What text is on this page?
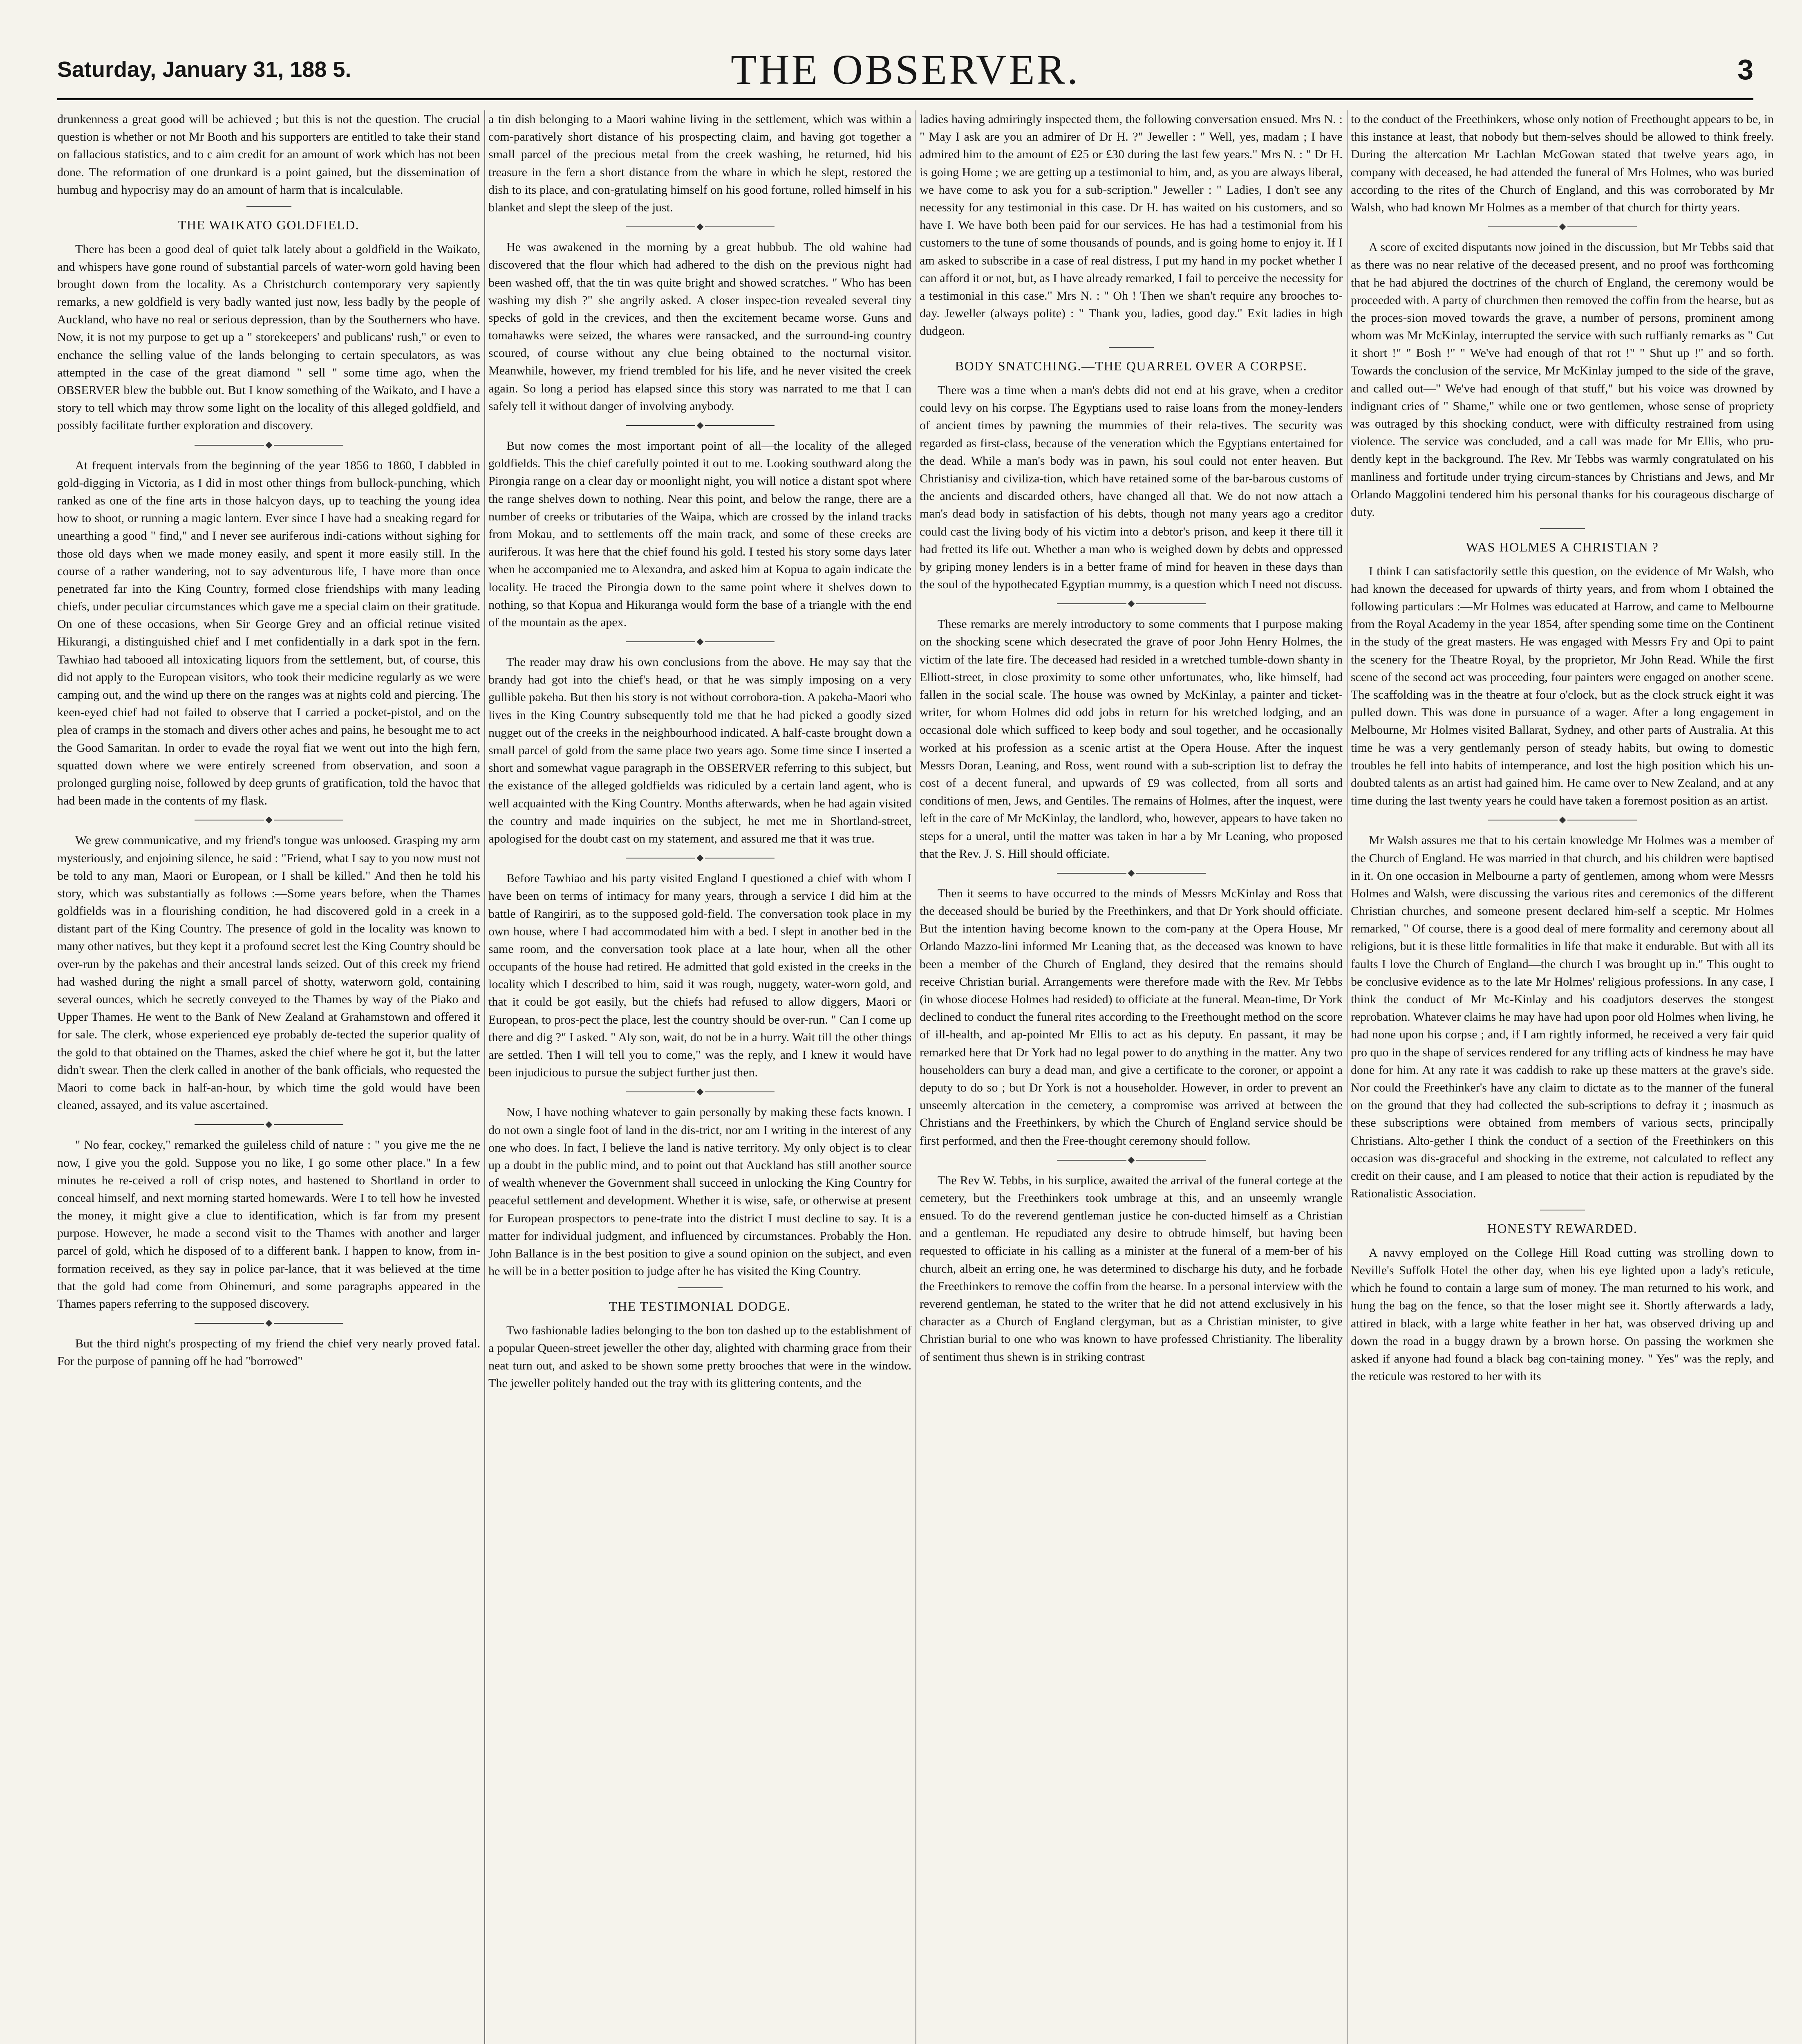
Saturday, January 31, 188 5.	THE OBSERVER.	3

drunkenness a great good will be achieved ; but this is not the question. The crucial question is whether or not Mr Booth and his supporters are entitled to take their stand on fallacious statistics, and to c aim credit for an amount of work which has not been done. The reformation of one drunkard is a point gained, but the dissemination of humbug and hypocrisy may do an amount of harm that is incalculable.

THE WAIKATO GOLDFIELD.

There has been a good deal of quiet talk lately about a goldfield in the Waikato, and whispers have gone round of substantial parcels of water-worn gold having been brought down from the locality. As a Christchurch contemporary very sapiently remarks, a new goldfield is very badly wanted just now, less badly by the people of Auckland, who have no real or serious depression, than by the Southerners who have. Now, it is not my purpose to get up a " storekeepers' and publicans' rush," or even to enchance the selling value of the lands belonging to certain speculators, as was attempted in the case of the great diamond " sell " some time ago, when the OBSERVER blew the bubble out. But I know something of the Waikato, and I have a story to tell which may throw some light on the locality of this alleged goldfield, and possibly facilitate further exploration and discovery.

At frequent intervals from the beginning of the year 1856 to 1860, I dabbled in gold-digging in Victoria, as I did in most other things from bullock-punching, which ranked as one of the fine arts in those halcyon days, up to teaching the young idea how to shoot, or running a magic lantern. Ever since I have had a sneaking regard for unearthing a good " find," and I never see auriferous indi-cations without sighing for those old days when we made money easily, and spent it more easily still. In the course of a rather wandering, not to say adventurous life, I have more than once penetrated far into the King Country, formed close friendships with many leading chiefs, under peculiar circumstances which gave me a special claim on their gratitude. On one of these occasions, when Sir George Grey and an official retinue visited Hikurangi, a distinguished chief and I met confidentially in a dark spot in the fern. Tawhiao had tabooed all intoxicating liquors from the settlement, but, of course, this did not apply to the European visitors, who took their medicine regularly as we were camping out, and the wind up there on the ranges was at nights cold and piercing. The keen-eyed chief had not failed to observe that I carried a pocket-pistol, and on the plea of cramps in the stomach and divers other aches and pains, he besought me to act the Good Samaritan. In order to evade the royal fiat we went out into the high fern, squatted down where we were entirely screened from observation, and soon a prolonged gurgling noise, followed by deep grunts of gratification, told the havoc that had been made in the contents of my flask.

We grew communicative, and my friend's tongue was unloosed. Grasping my arm mysteriously, and enjoining silence, he said : "Friend, what I say to you now must not be told to any man, Maori or European, or I shall be killed." And then he told his story, which was substantially as follows :—Some years before, when the Thames goldfields was in a flourishing condition, he had discovered gold in a creek in a distant part of the King Country. The presence of gold in the locality was known to many other natives, but they kept it a profound secret lest the King Country should be over-run by the pakehas and their ancestral lands seized. Out of this creek my friend had washed during the night a small parcel of shotty, waterworn gold, containing several ounces, which he secretly conveyed to the Thames by way of the Piako and Upper Thames. He went to the Bank of New Zealand at Grahamstown and offered it for sale. The clerk, whose experienced eye probably de-tected the superior quality of the gold to that obtained on the Thames, asked the chief where he got it, but the latter didn't swear. Then the clerk called in another of the bank officials, who requested the Maori to come back in half-an-hour, by which time the gold would have been cleaned, assayed, and its value ascertained.

" No fear, cockey," remarked the guileless child of nature : " you give me the ne now, I give you the gold. Suppose you no like, I go some other place." In a few minutes he re-ceived a roll of crisp notes, and hastened to Shortland in order to conceal himself, and next morning started homewards. Were I to tell how he invested the money, it might give a clue to identification, which is far from my present purpose. However, he made a second visit to the Thames with another and larger parcel of gold, which he disposed of to a different bank. I happen to know, from in-formation received, as they say in police par-lance, that it was believed at the time that the gold had come from Ohinemuri, and some paragraphs appeared in the Thames papers referring to the supposed discovery.

But the third night's prospecting of my friend the chief very nearly proved fatal. For the purpose of panning off he had "borrowed"

a tin dish belonging to a Maori wahine living in the settlement, which was within a com-paratively short distance of his prospecting claim, and having got together a small parcel of the precious metal from the creek washing, he returned, hid his treasure in the fern a short distance from the whare in which he slept, restored the dish to its place, and con-gratulating himself on his good fortune, rolled himself in his blanket and slept the sleep of the just.

He was awakened in the morning by a great hubbub. The old wahine had discovered that the flour which had adhered to the dish on the previous night had been washed off, that the tin was quite bright and showed scratches. " Who has been washing my dish ?" she angrily asked. A closer inspec-tion revealed several tiny specks of gold in the crevices, and then the excitement became worse. Guns and tomahawks were seized, the whares were ransacked, and the surround-ing country scoured, of course without any clue being obtained to the nocturnal visitor. Meanwhile, however, my friend trembled for his life, and he never visited the creek again. So long a period has elapsed since this story was narrated to me that I can safely tell it without danger of involving anybody.

But now comes the most important point of all—the locality of the alleged goldfields. This the chief carefully pointed it out to me. Looking southward along the Pirongia range on a clear day or moonlight night, you will notice a distant spot where the range shelves down to nothing. Near this point, and below the range, there are a number of creeks or tributaries of the Waipa, which are crossed by the inland tracks from Mokau, and to settlements off the main track, and some of these creeks are auriferous. It was here that the chief found his gold. I tested his story some days later when he accompanied me to Alexandra, and asked him at Kopua to again indicate the locality. He traced the Pirongia down to the same point where it shelves down to nothing, so that Kopua and Hikuranga would form the base of a triangle with the end of the mountain as the apex.

The reader may draw his own conclusions from the above. He may say that the brandy had got into the chief's head, or that he was simply imposing on a very gullible pakeha. But then his story is not without corrobora-tion. A pakeha-Maori who lives in the King Country subsequently told me that he had picked a goodly sized nugget out of the creeks in the neighbourhood indicated. A half-caste brought down a small parcel of gold from the same place two years ago. Some time since I inserted a short and somewhat vague paragraph in the OBSERVER referring to this subject, but the existance of the alleged goldfields was ridiculed by a certain land agent, who is well acquainted with the King Country. Months afterwards, when he had again visited the country and made inquiries on the subject, he met me in Shortland-street, apologised for the doubt cast on my statement, and assured me that it was true.

Before Tawhiao and his party visited England I questioned a chief with whom I have been on terms of intimacy for many years, through a service I did him at the battle of Rangiriri, as to the supposed gold-field. The conversation took place in my own house, where I had accommodated him with a bed. I slept in another bed in the same room, and the conversation took place at a late hour, when all the other occupants of the house had retired. He admitted that gold existed in the creeks in the locality which I described to him, said it was rough, nuggety, water-worn gold, and that it could be got easily, but the chiefs had refused to allow diggers, Maori or European, to pros-pect the place, lest the country should be over-run. " Can I come up there and dig ?" I asked. " Aly son, wait, do not be in a hurry. Wait till the other things are settled. Then I will tell you to come," was the reply, and I knew it would have been injudicious to pursue the subject further just then.

Now, I have nothing whatever to gain personally by making these facts known. I do not own a single foot of land in the dis-trict, nor am I writing in the interest of any one who does. In fact, I believe the land is native territory. My only object is to clear up a doubt in the public mind, and to point out that Auckland has still another source of wealth whenever the Government shall succeed in unlocking the King Country for peaceful settlement and development. Whether it is wise, safe, or otherwise at present for European prospectors to pene-trate into the district I must decline to say. It is a matter for individual judgment, and influenced by circumstances. Probably the Hon. John Ballance is in the best position to give a sound opinion on the subject, and even he will be in a better position to judge after he has visited the King Country.

THE TESTIMONIAL DODGE.

Two fashionable ladies belonging to the bon ton dashed up to the establishment of a popular Queen-street jeweller the other day, alighted with charming grace from their neat turn out, and asked to be shown some pretty brooches that were in the window. The jeweller politely handed out the tray with its glittering contents, and the

ladies having admiringly inspected them, the following conversation ensued. Mrs N. : " May I ask are you an admirer of Dr H. ?" Jeweller : " Well, yes, madam ; I have admired him to the amount of £25 or £30 during the last few years." Mrs N. : " Dr H. is going Home ; we are getting up a testimonial to him, and, as you are always liberal, we have come to ask you for a sub-scription." Jeweller : " Ladies, I don't see any necessity for any testimonial in this case. Dr H. has waited on his customers, and so have I. We have both been paid for our services. He has had a testimonial from his customers to the tune of some thousands of pounds, and is going home to enjoy it. If I am asked to subscribe in a case of real distress, I put my hand in my pocket whether I can afford it or not, but, as I have already remarked, I fail to perceive the necessity for a testimonial in this case." Mrs N. : " Oh ! Then we shan't require any brooches to-day. Jeweller (always polite) : " Thank you, ladies, good day." Exit ladies in high dudgeon.

BODY SNATCHING.—THE QUARREL OVER A CORPSE.

There was a time when a man's debts did not end at his grave, when a creditor could levy on his corpse. The Egyptians used to raise loans from the money-lenders of ancient times by pawning the mummies of their rela-tives. The security was regarded as first-class, because of the veneration which the Egyptians entertained for the dead. While a man's body was in pawn, his soul could not enter heaven. But Christianisy and civiliza-tion, which have retained some of the bar-barous customs of the ancients and discarded others, have changed all that. We do not now attach a man's dead body in satisfaction of his debts, though not many years ago a creditor could cast the living body of his victim into a debtor's prison, and keep it there till it had fretted its life out. Whether a man who is weighed down by debts and oppressed by griping money lenders is in a better frame of mind for heaven in these days than the soul of the hypothecated Egyptian mummy, is a question which I need not discuss.

These remarks are merely introductory to some comments that I purpose making on the shocking scene which desecrated the grave of poor John Henry Holmes, the victim of the late fire. The deceased had resided in a wretched tumble-down shanty in Elliott-street, in close proximity to some other unfortunates, who, like himself, had fallen in the social scale. The house was owned by McKinlay, a painter and ticket-writer, for whom Holmes did odd jobs in return for his wretched lodging, and an occasional dole which sufficed to keep body and soul together, and he occasionally worked at his profession as a scenic artist at the Opera House. After the inquest Messrs Doran, Leaning, and Ross, went round with a sub-scription list to defray the cost of a decent funeral, and upwards of £9 was collected, from all sorts and conditions of men, Jews, and Gentiles. The remains of Holmes, after the inquest, were left in the care of Mr McKinlay, the landlord, who, however, appears to have taken no steps for a uneral, until the matter was taken in har a by Mr Leaning, who proposed that the Rev. J. S. Hill should officiate.

Then it seems to have occurred to the minds of Messrs McKinlay and Ross that the deceased should be buried by the Freethinkers, and that Dr York should officiate. But the intention having become known to the com-pany at the Opera House, Mr Orlando Mazzo-lini informed Mr Leaning that, as the deceased was known to have been a member of the Church of England, they desired that the remains should receive Christian burial. Arrangements were therefore made with the Rev. Mr Tebbs (in whose diocese Holmes had resided) to officiate at the funeral. Mean-time, Dr York declined to conduct the funeral rites according to the Freethought method on the score of ill-health, and ap-pointed Mr Ellis to act as his deputy. En passant, it may be remarked here that Dr York had no legal power to do anything in the matter. Any two householders can bury a dead man, and give a certificate to the coroner, or appoint a deputy to do so ; but Dr York is not a householder. However, in order to prevent an unseemly altercation in the cemetery, a compromise was arrived at between the Christians and the Freethinkers, by which the Church of England service should be first performed, and then the Free-thought ceremony should follow.

The Rev W. Tebbs, in his surplice, awaited the arrival of the funeral cortege at the cemetery, but the Freethinkers took umbrage at this, and an unseemly wrangle ensued. To do the reverend gentleman justice he con-ducted himself as a Christian and a gentleman. He repudiated any desire to obtrude himself, but having been requested to officiate in his calling as a minister at the funeral of a mem-ber of his church, albeit an erring one, he was determined to discharge his duty, and he forbade the Freethinkers to remove the coffin from the hearse. In a personal interview with the reverend gentleman, he stated to the writer that he did not attend exclusively in his character as a Church of England clergyman, but as a Christian minister, to give Christian burial to one who was known to have professed Christianity. The liberality of sentiment thus shewn is in striking contrast

to the conduct of the Freethinkers, whose only notion of Freethought appears to be, in this instance at least, that nobody but them-selves should be allowed to think freely. During the altercation Mr Lachlan McGowan stated that twelve years ago, in company with deceased, he had attended the funeral of Mrs Holmes, who was buried according to the rites of the Church of England, and this was corroborated by Mr Walsh, who had known Mr Holmes as a member of that church for thirty years.

A score of excited disputants now joined in the discussion, but Mr Tebbs said that as there was no near relative of the deceased present, and no proof was forthcoming that he had abjured the doctrines of the church of England, the ceremony would be proceeded with. A party of churchmen then removed the coffin from the hearse, but as the proces-sion moved towards the grave, a number of persons, prominent among whom was Mr McKinlay, interrupted the service with such ruffianly remarks as " Cut it short !" " Bosh !" " We've had enough of that rot !" " Shut up !" and so forth. Towards the conclusion of the service, Mr McKinlay jumped to the side of the grave, and called out—" We've had enough of that stuff," but his voice was drowned by indignant cries of " Shame," while one or two gentlemen, whose sense of propriety was outraged by this shocking conduct, were with difficulty restrained from using violence. The service was concluded, and a call was made for Mr Ellis, who pru-dently kept in the background. The Rev. Mr Tebbs was warmly congratulated on his manliness and fortitude under trying circum-stances by Christians and Jews, and Mr Orlando Maggolini tendered him his personal thanks for his courageous discharge of duty.

WAS HOLMES A CHRISTIAN ?

I think I can satisfactorily settle this question, on the evidence of Mr Walsh, who had known the deceased for upwards of thirty years, and from whom I obtained the following particulars :—Mr Holmes was educated at Harrow, and came to Melbourne from the Royal Academy in the year 1854, after spending some time on the Continent in the study of the great masters. He was engaged with Messrs Fry and Opi to paint the scenery for the Theatre Royal, by the proprietor, Mr John Read. While the first scene of the second act was proceeding, four painters were engaged on another scene. The scaffolding was in the theatre at four o'clock, but as the clock struck eight it was pulled down. This was done in pursuance of a wager. After a long engagement in Melbourne, Mr Holmes visited Ballarat, Sydney, and other parts of Australia. At this time he was a very gentlemanly person of steady habits, but owing to domestic troubles he fell into habits of intemperance, and lost the high position which his un-doubted talents as an artist had gained him. He came over to New Zealand, and at any time during the last twenty years he could have taken a foremost position as an artist.

Mr Walsh assures me that to his certain knowledge Mr Holmes was a member of the Church of England. He was married in that church, and his children were baptised in it. On one occasion in Melbourne a party of gentlemen, among whom were Messrs Holmes and Walsh, were discussing the various rites and ceremonics of the different Christian churches, and someone present declared him-self a sceptic. Mr Holmes remarked, " Of course, there is a good deal of mere formality and ceremony about all religions, but it is these little formalities in life that make it endurable. But with all its faults I love the Church of England—the church I was brought up in." This ought to be conclusive evidence as to the late Mr Holmes' religious professions. In any case, I think the conduct of Mr Mc-Kinlay and his coadjutors deserves the stongest reprobation. Whatever claims he may have had upon poor old Holmes when living, he had none upon his corpse ; and, if I am rightly informed, he received a very fair quid pro quo in the shape of services rendered for any trifling acts of kindness he may have done for him. At any rate it was caddish to rake up these matters at the grave's side. Nor could the Freethinker's have any claim to dictate as to the manner of the funeral on the ground that they had collected the sub-scriptions to defray it ; inasmuch as these subscriptions were obtained from members of various sects, principally Christians. Alto-gether I think the conduct of a section of the Freethinkers on this occasion was dis-graceful and shocking in the extreme, not calculated to reflect any credit on their cause, and I am pleased to notice that their action is repudiated by the Rationalistic Association.

HONESTY REWARDED.

A navvy employed on the College Hill Road cutting was strolling down to Neville's Suffolk Hotel the other day, when his eye lighted upon a lady's reticule, which he found to contain a large sum of money. The man returned to his work, and hung the bag on the fence, so that the loser might see it. Shortly afterwards a lady, attired in black, with a large white feather in her hat, was observed driving up and down the road in a buggy drawn by a brown horse. On passing the workmen she asked if anyone had found a black bag con-taining money. " Yes" was the reply, and the reticule was restored to her with its
